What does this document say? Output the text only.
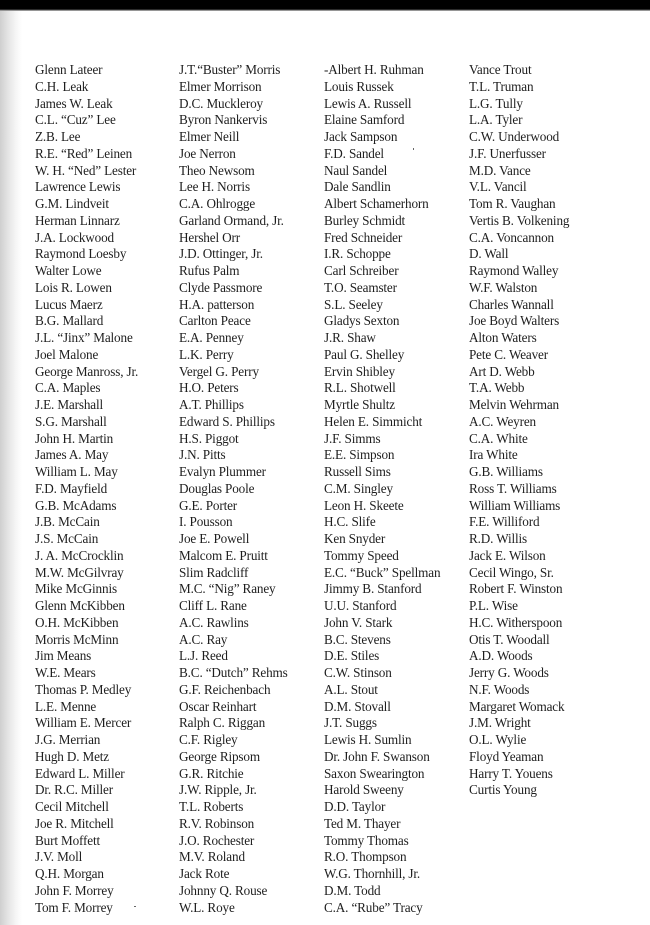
Glenn Lateer
C.H. Leak
James W. Leak
C.L. “Cuz” Lee
Z.B. Lee
R.E. “Red” Leinen
W. H. “Ned” Lester
Lawrence Lewis
G.M. Lindveit
Herman Linnarz
J.A. Lockwood
Raymond Loesby
Walter Lowe
Lois R. Lowen
Lucus Maerz
B.G. Mallard
J.L. “Jinx” Malone
Joel Malone
George Manross, Jr.
C.A. Maples
J.E. Marshall
S.G. Marshall
John H. Martin
James A. May
William L. May
F.D. Mayfield
G.B. McAdams
J.B. McCain
J.S. McCain
J. A. McCrocklin
M.W. McGilvray
Mike McGinnis
Glenn McKibben
O.H. McKibben
Morris McMinn
Jim Means
W.E. Mears
Thomas P. Medley
L.E. Menne
William E. Mercer
J.G. Merrian
Hugh D. Metz
Edward L. Miller
Dr. R.C. Miller
Cecil Mitchell
Joe R. Mitchell
Burt Moffett
J.V. Moll
Q.H. Morgan
John F. Morrey
Tom F. Morrey
J.T.“Buster” Morris
Elmer Morrison
D.C. Muckleroy
Byron Nankervis
Elmer Neill
Joe Nerron
Theo Newsom
Lee H. Norris
C.A. Ohlrogge
Garland Ormand, Jr.
Hershel Orr
J.D. Ottinger, Jr.
Rufus Palm
Clyde Passmore
H.A. patterson
Carlton Peace
E.A. Penney
L.K. Perry
Vergel G. Perry
H.O. Peters
A.T. Phillips
Edward S. Phillips
H.S. Piggot
J.N. Pitts
Evalyn Plummer
Douglas Poole
G.E. Porter
I. Pousson
Joe E. Powell
Malcom E. Pruitt
Slim Radcliff
M.C. “Nig” Raney
Cliff L. Rane
A.C. Rawlins
A.C. Ray
L.J. Reed
B.C. “Dutch” Rehms
G.F. Reichenbach
Oscar Reinhart
Ralph C. Riggan
C.F. Rigley
George Ripsom
G.R. Ritchie
J.W. Ripple, Jr.
T.L. Roberts
R.V. Robinson
J.O. Rochester
M.V. Roland
Jack Rote
Johnny Q. Rouse
W.L. Roye
-Albert H. Ruhman
Louis Russek
Lewis A. Russell
Elaine Samford
Jack Sampson
F.D. Sandel
Naul Sandel
Dale Sandlin
Albert Schamerhorn
Burley Schmidt
Fred Schneider
I.R. Schoppe
Carl Schreiber
T.O. Seamster
S.L. Seeley
Gladys Sexton
J.R. Shaw
Paul G. Shelley
Ervin Shibley
R.L. Shotwell
Myrtle Shultz
Helen E. Simmicht
J.F. Simms
E.E. Simpson
Russell Sims
C.M. Singley
Leon H. Skeete
H.C. Slife
Ken Snyder
Tommy Speed
E.C. “Buck” Spellman
Jimmy B. Stanford
U.U. Stanford
John V. Stark
B.C. Stevens
D.E. Stiles
C.W. Stinson
A.L. Stout
D.M. Stovall
J.T. Suggs
Lewis H. Sumlin
Dr. John F. Swanson
Saxon Swearington
Harold Sweeny
D.D. Taylor
Ted M. Thayer
Tommy Thomas
R.O. Thompson
W.G. Thornhill, Jr.
D.M. Todd
C.A. “Rube” Tracy
Vance Trout
T.L. Truman
L.G. Tully
L.A. Tyler
C.W. Underwood
J.F. Unerfusser
M.D. Vance
V.L. Vancil
Tom R. Vaughan
Vertis B. Volkening
C.A. Voncannon
D. Wall
Raymond Walley
W.F. Walston
Charles Wannall
Joe Boyd Walters
Alton Waters
Pete C. Weaver
Art D. Webb
T.A. Webb
Melvin Wehrman
A.C. Weyren
C.A. White
Ira White
G.B. Williams
Ross T. Williams
William Williams
F.E. Williford
R.D. Willis
Jack E. Wilson
Cecil Wingo, Sr.
Robert F. Winston
P.L. Wise
H.C. Witherspoon
Otis T. Woodall
A.D. Woods
Jerry G. Woods
N.F. Woods
Margaret Womack
J.M. Wright
O.L. Wylie
Floyd Yeaman
Harry T. Youens
Curtis Young
